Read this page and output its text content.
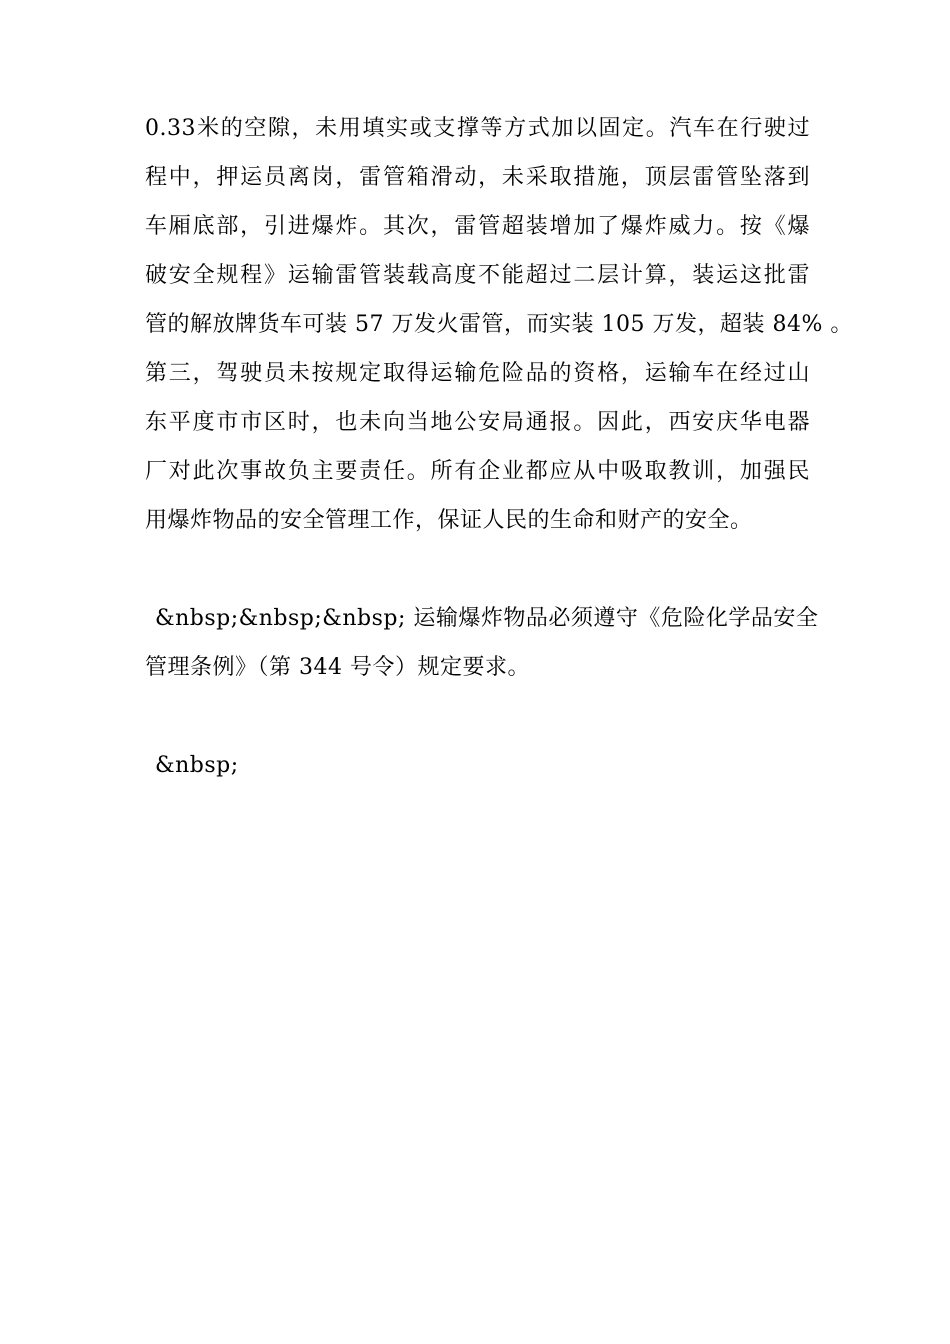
0.33米的空隙，未用填实或支撑等方式加以固定。汽车在行驶过
程中，押运员离岗，雷管箱滑动，未采取措施，顶层雷管坠落到
车厢底部，引进爆炸。其次，雷管超装增加了爆炸威力。按《爆
破安全规程》运输雷管装载高度不能超过二层计算，装运这批雷
管的解放牌货车可装 57 万发火雷管，而实装 105 万发，超装 84% 。
第三，驾驶员未按规定取得运输危险品的资格，运输车在经过山
东平度市市区时，也未向当地公安局通报。因此，西安庆华电器
厂对此次事故负主要责任。所有企业都应从中吸取教训，加强民
用爆炸物品的安全管理工作，保证人民的生命和财产的安全。
&nbsp;&nbsp;&nbsp; 运输爆炸物品必须遵守《危险化学品安全
管理条例》（第 344 号令）规定要求。
&nbsp;
